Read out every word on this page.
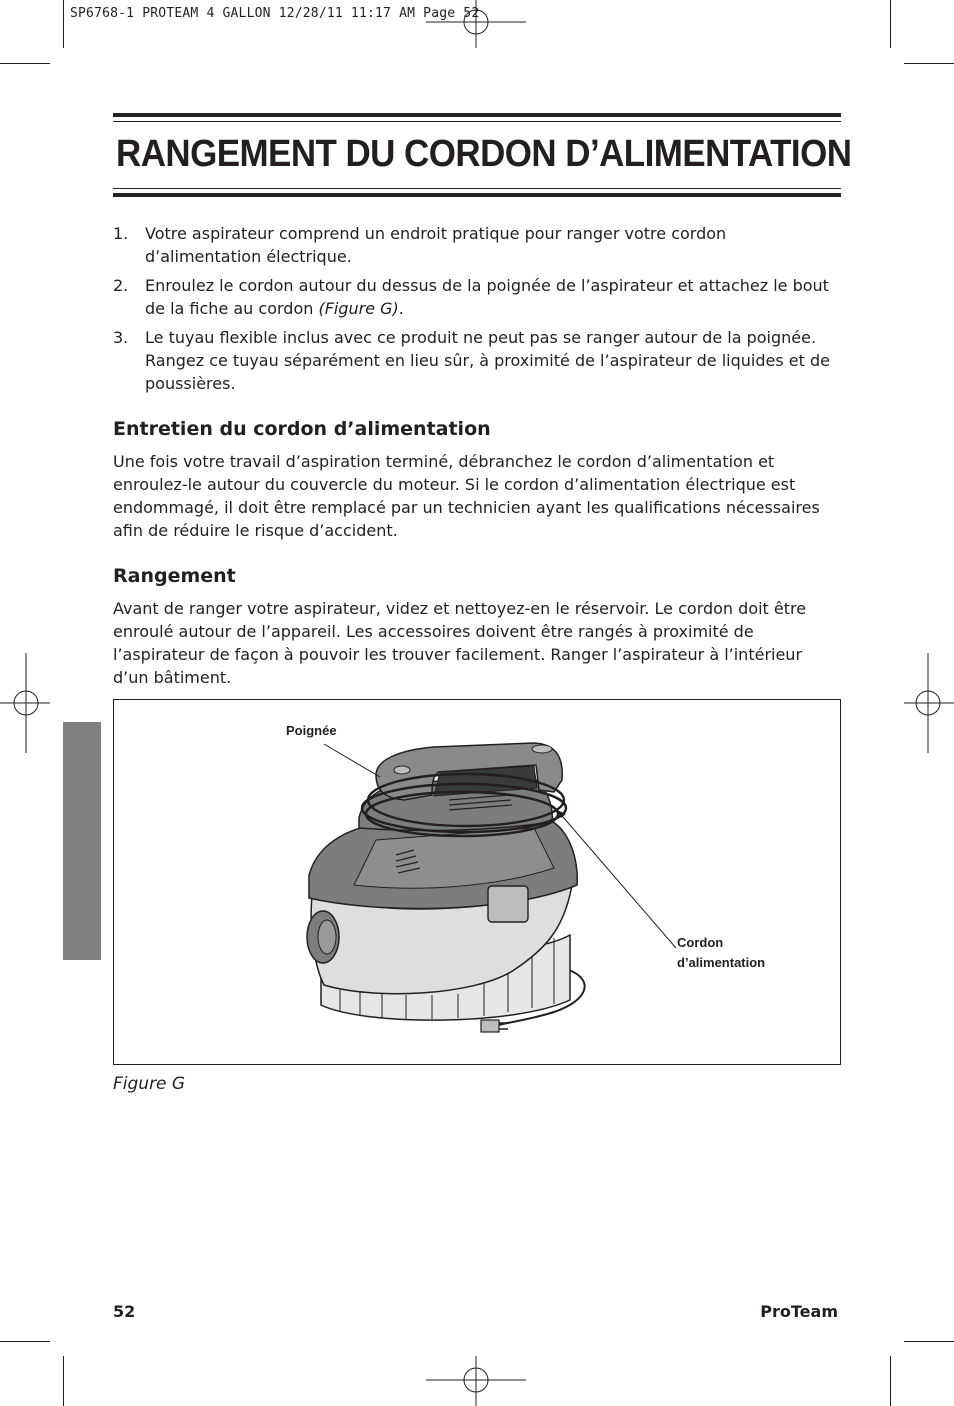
SP6768-1 PROTEAM 4 GALLON 12/28/11 11:17 AM Page 52
RANGEMENT DU CORDON D’ALIMENTATION
1. Votre aspirateur comprend un endroit pratique pour ranger votre cordon d’alimentation électrique.
2. Enroulez le cordon autour du dessus de la poignée de l’aspirateur et attachez le bout de la fiche au cordon (Figure G).
3. Le tuyau flexible inclus avec ce produit ne peut pas se ranger autour de la poignée. Rangez ce tuyau séparément en lieu sûr, à proximité de l’aspirateur de liquides et de poussières.
Entretien du cordon d’alimentation
Une fois votre travail d’aspiration terminé, débranchez le cordon d’alimentation et enroulez-le autour du couvercle du moteur. Si le cordon d’alimentation électrique est endommagé, il doit être remplacé par un technicien ayant les qualifications nécessaires afin de réduire le risque d’accident.
Rangement
Avant de ranger votre aspirateur, videz et nettoyez-en le réservoir. Le cordon doit être enroulé autour de l’appareil. Les accessoires doivent être rangés à proximité de l’aspirateur de façon à pouvoir les trouver facilement. Ranger l’aspirateur à l’intérieur d’un bâtiment.
Poignée
Cordon
d’alimentation
Figure G
52	ProTeam
